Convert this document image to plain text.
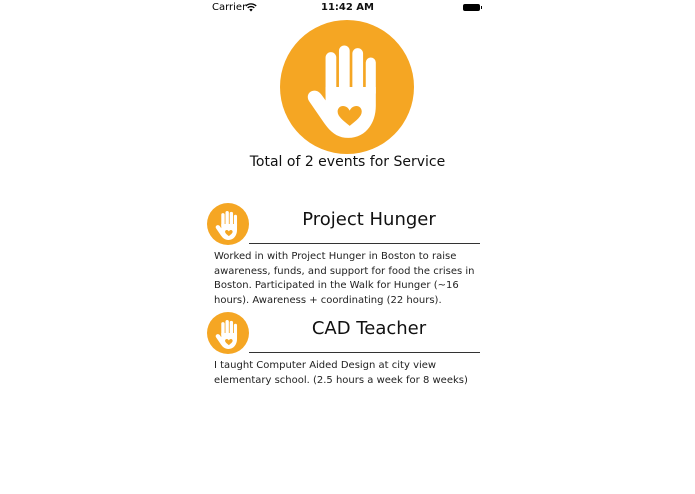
Carrier	11:42 AM
Total of 2 events for Service
Project Hunger
Worked in with Project Hunger in Boston to raise awareness, funds, and support for food the crises in Boston. Participated in the Walk for Hunger (~16 hours). Awareness + coordinating (22 hours).
CAD Teacher
I taught Computer Aided Design at city view elementary school. (2.5 hours a week for 8 weeks)
